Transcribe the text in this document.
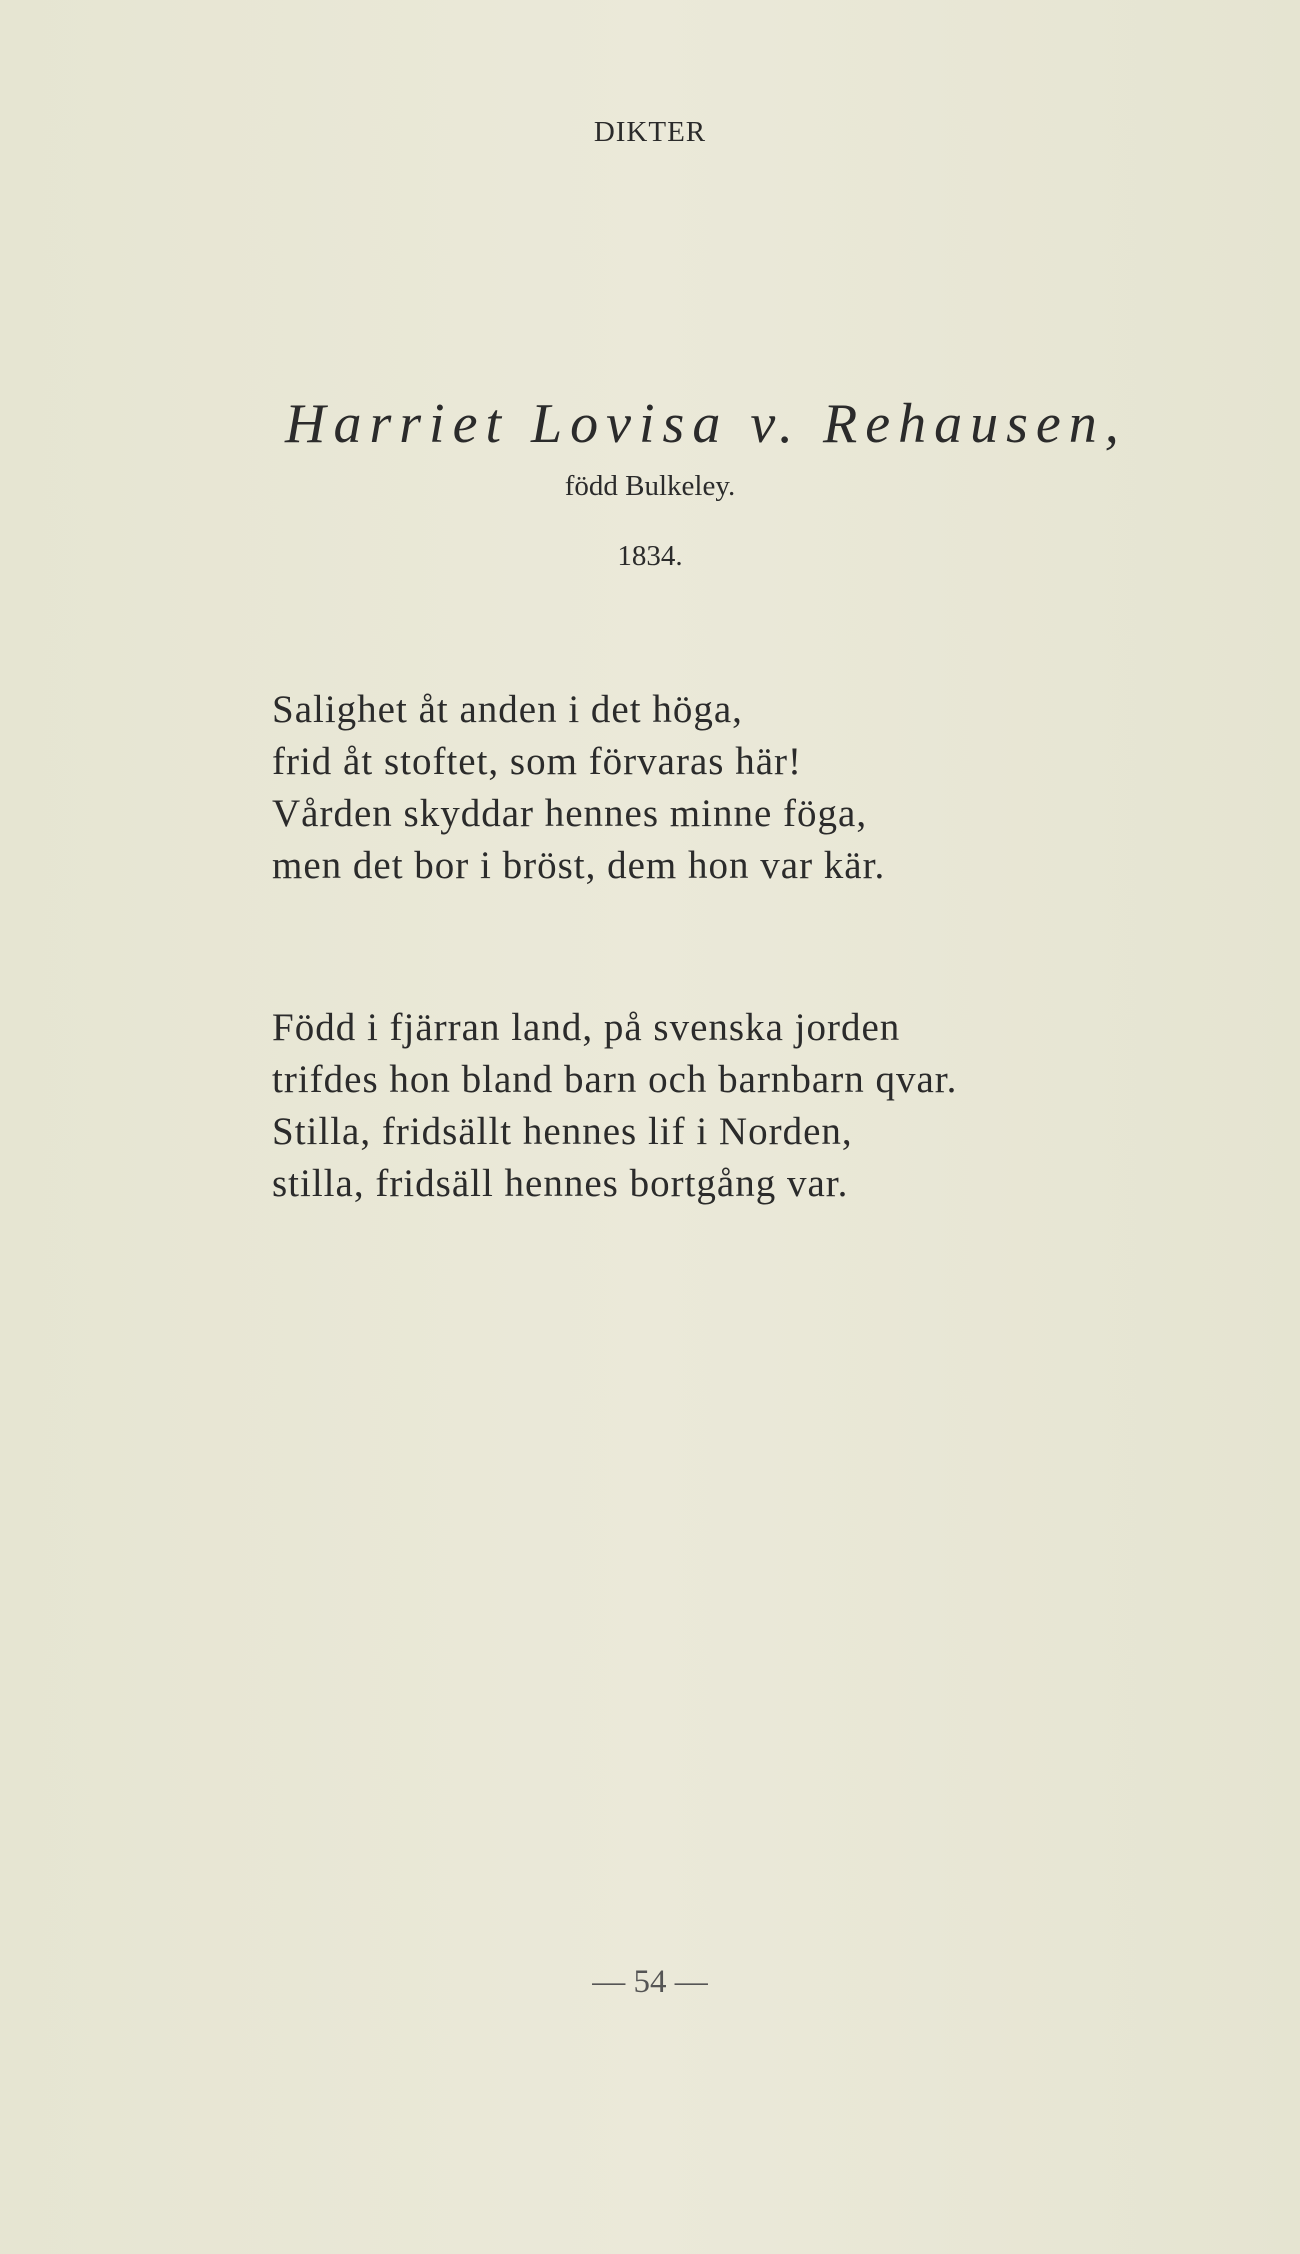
DIKTER
Harriet Lovisa v. Rehausen,
född Bulkeley.
1834.
Salighet åt anden i det höga,
frid åt stoftet, som förvaras här!
Vården skyddar hennes minne föga,
men det bor i bröst, dem hon var kär.
Född i fjärran land, på svenska jorden
trifdes hon bland barn och barnbarn qvar.
Stilla, fridsällt hennes lif i Norden,
stilla, fridsäll hennes bortgång var.
— 54 —
